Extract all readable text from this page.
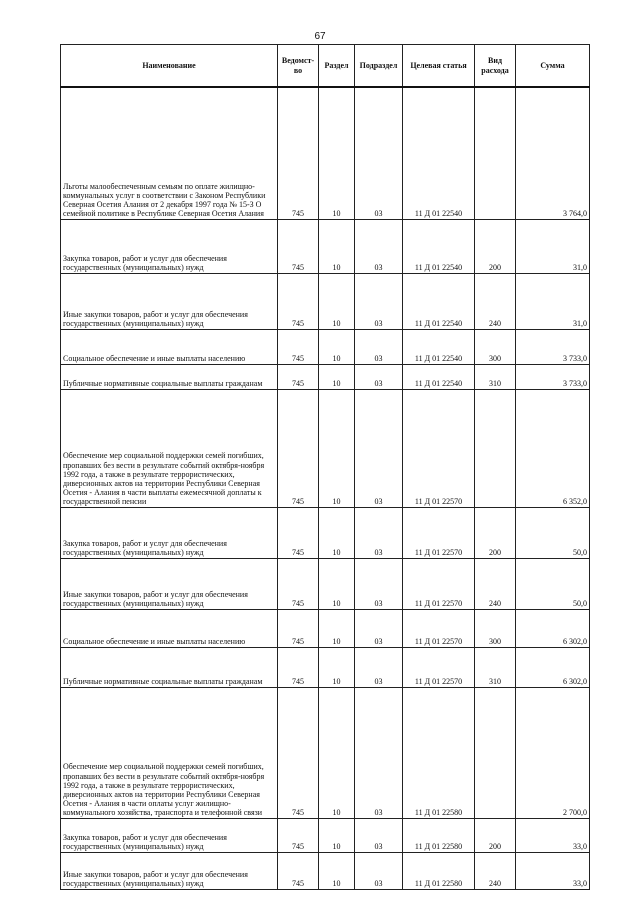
67
Наименование	Ведомст-во	Раздел	Подраздел	Целевая статья	Вид расхода	Сумма
Льготы малообеспеченным семьям по оплате жилищно-коммунальных услуг в соответствии с Законом Республики Северная Осетия Алания от 2 декабря 1997 года № 15-З О семейной политике в Республике Северная Осетия Алания	745	10	03	11 Д 01 22540		3 764,0
Закупка товаров, работ и услуг для обеспечения государственных (муниципальных) нужд	745	10	03	11 Д 01 22540	200	31,0
Иные закупки товаров, работ и услуг для обеспечения государственных (муниципальных) нужд	745	10	03	11 Д 01 22540	240	31,0
Социальное обеспечение и иные выплаты населению	745	10	03	11 Д 01 22540	300	3 733,0
Публичные нормативные социальные выплаты гражданам	745	10	03	11 Д 01 22540	310	3 733,0
Обеспечение мер социальной поддержки семей погибших, пропавших без вести в результате событий октября-ноября 1992 года, а также в результате террористических, диверсионных актов на территории Республики Северная Осетия - Алания в части выплаты ежемесячной доплаты к государственной пенсии	745	10	03	11 Д 01 22570		6 352,0
Закупка товаров, работ и услуг для обеспечения государственных (муниципальных) нужд	745	10	03	11 Д 01 22570	200	50,0
Иные закупки товаров, работ и услуг для обеспечения государственных (муниципальных) нужд	745	10	03	11 Д 01 22570	240	50,0
Социальное обеспечение и иные выплаты населению	745	10	03	11 Д 01 22570	300	6 302,0
Публичные нормативные социальные выплаты гражданам	745	10	03	11 Д 01 22570	310	6 302,0
Обеспечение мер социальной поддержки семей погибших, пропавших без вести в результате событий октября-ноября 1992 года, а также в результате террористических, диверсионных актов на территории Республики Северная Осетия - Алания в части оплаты услуг жилищно-коммунального хозяйства, транспорта и телефонной связи	745	10	03	11 Д 01 22580		2 700,0
Закупка товаров, работ и услуг для обеспечения государственных (муниципальных) нужд	745	10	03	11 Д 01 22580	200	33,0
Иные закупки товаров, работ и услуг для обеспечения государственных (муниципальных) нужд	745	10	03	11 Д 01 22580	240	33,0
